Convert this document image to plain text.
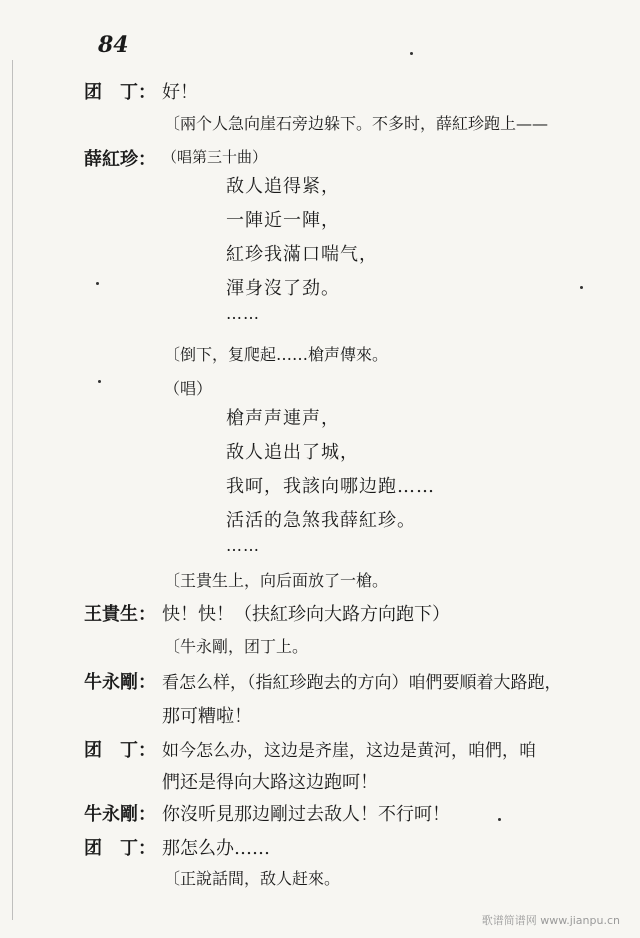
84
团　丁： 好！
〔兩个人急向崖石旁边躲下。不多时，薛紅珍跑上——
薛紅珍： （唱第三十曲）
敌人追得紧，
一陣近一陣，
紅珍我滿口喘气，
渾身沒了劲。
……
〔倒下，复爬起……槍声傳來。
（唱）
槍声声連声，
敌人追出了城，
我呵，我該向哪边跑……
活活的急煞我薛紅珍。
……
〔王貴生上，向后面放了一槍。
王貴生： 快！快！（扶紅珍向大路方向跑下）
〔牛永剛，团丁上。
牛永剛： 看怎么样，（指紅珍跑去的方向）咱們要順着大路跑，
那可糟啦！
团　丁： 如今怎么办，这边是齐崖，这边是黄河，咱們，咱
們还是得向大路这边跑呵！
牛永剛： 你沒听見那边剛过去敌人！不行呵！
团　丁： 那怎么办……
〔正說話間，敌人赶來。
歌谱简谱网 www.jianpu.cn
